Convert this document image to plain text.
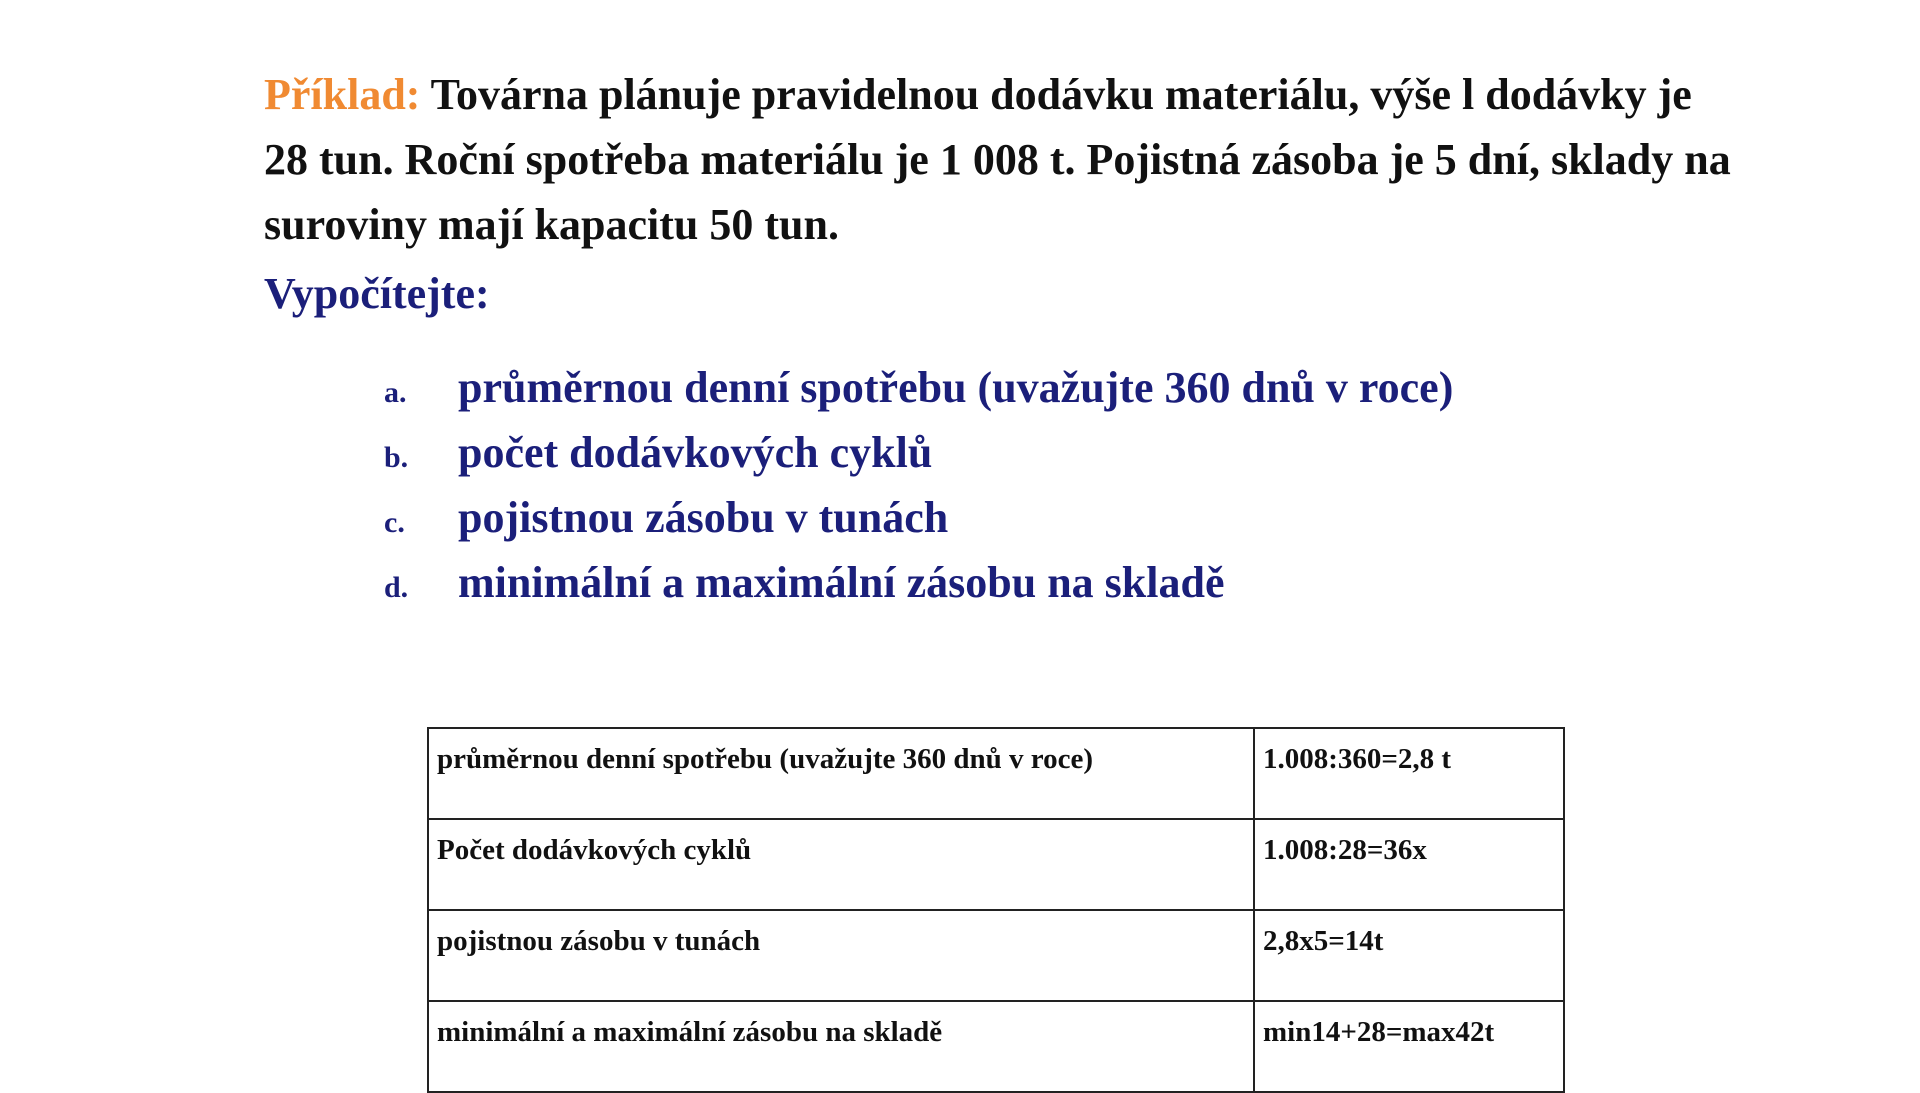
Příklad: Továrna plánuje pravidelnou dodávku materiálu, výše l dodávky je 28 tun. Roční spotřeba materiálu je 1 008 t. Pojistná zásoba je 5 dní, sklady na suroviny mají kapacitu 50 tun.
Vypočítejte:
a.	průměrnou denní spotřebu (uvažujte 360 dnů v roce)
b.	počet dodávkových cyklů
c.	pojistnou zásobu v tunách
d.	minimální a maximální zásobu na skladě
průměrnou denní spotřebu (uvažujte 360 dnů v roce)	1.008:360=2,8 t
Počet dodávkových cyklů	1.008:28=36x
pojistnou zásobu v tunách	2,8x5=14t
minimální a maximální zásobu na skladě	min14+28=max42t
